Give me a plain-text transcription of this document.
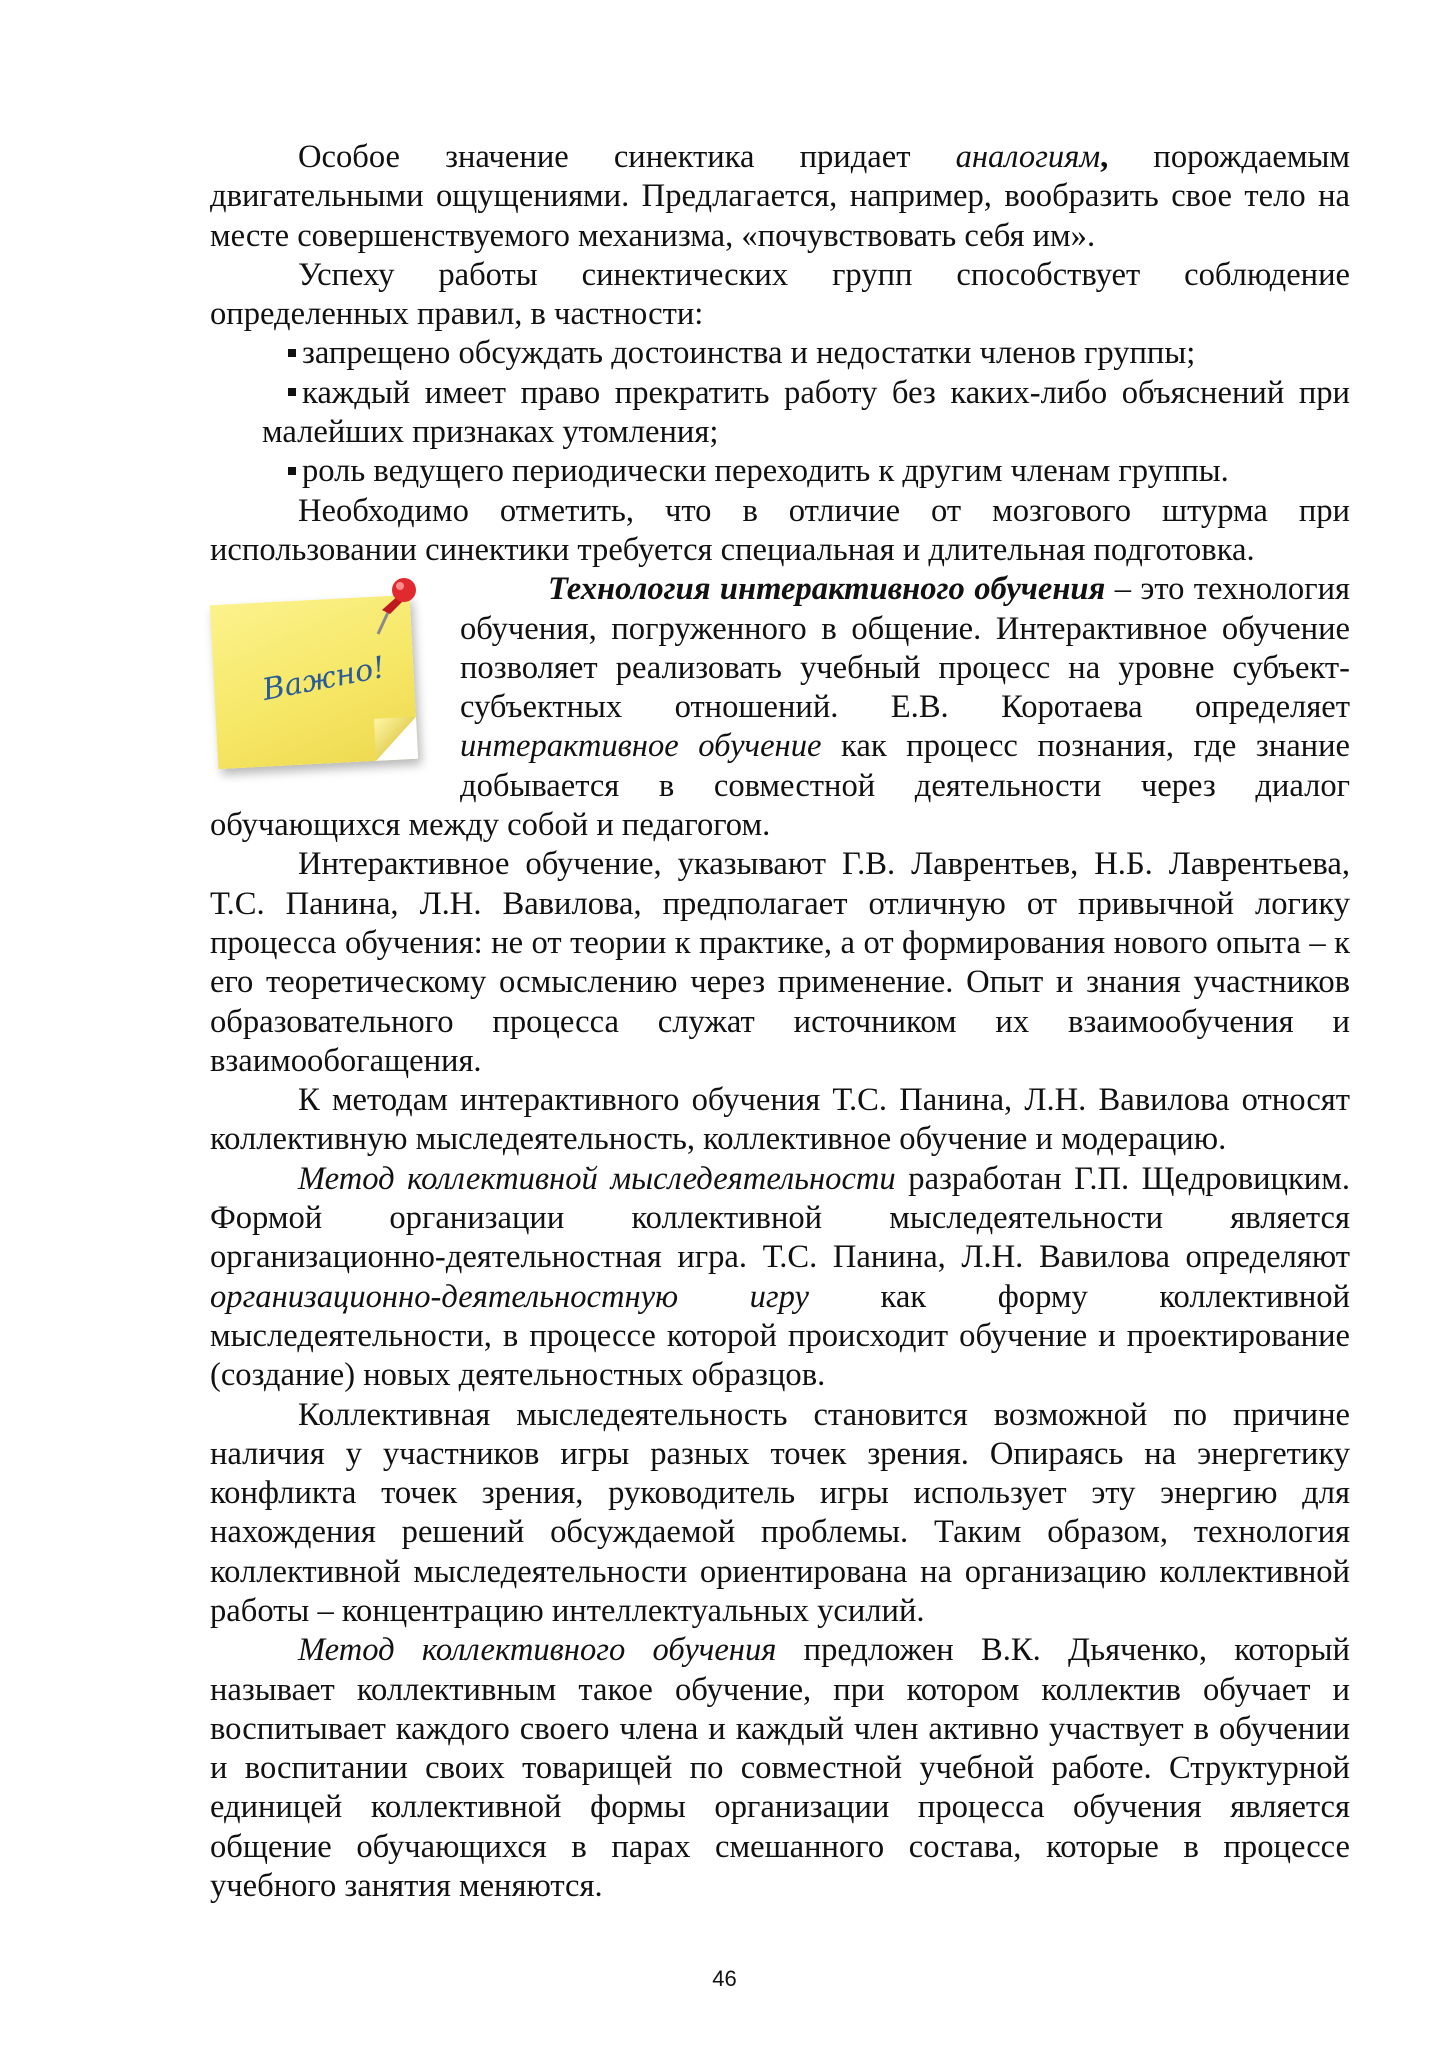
Особое значение синектика придает аналогиям, порождаемым двигательными ощущениями. Предлагается, например, вообразить свое тело на месте совершенствуемого механизма, «почувствовать себя им».

Успеху работы синектических групп способствует соблюдение определенных правил, в частности:

запрещено обсуждать достоинства и недостатки членов группы;
каждый имеет право прекратить работу без каких-либо объяснений при малейших признаках утомления;
роль ведущего периодически переходить к другим членам группы.

Необходимо отметить, что в отличие от мозгового штурма при использовании синектики требуется специальная и длительная подготовка.

Важно!

Технология интерактивного обучения – это технология обучения, погруженного в общение. Интерактивное обучение позволяет реализовать учебный процесс на уровне субъект-субъектных отношений. Е.В. Коротаева определяет интерактивное обучение как процесс познания, где знание добывается в совместной деятельности через диалог обучающихся между собой и педагогом.

Интерактивное обучение, указывают Г.В. Лаврентьев, Н.Б. Лаврентьева, Т.С. Панина, Л.Н. Вавилова, предполагает отличную от привычной логику процесса обучения: не от теории к практике, а от формирования нового опыта – к его теоретическому осмыслению через применение. Опыт и знания участников образовательного процесса служат источником их взаимообучения и взаимообогащения.

К методам интерактивного обучения Т.С. Панина, Л.Н. Вавилова относят коллективную мыследеятельность, коллективное обучение и модерацию.

Метод коллективной мыследеятельности разработан Г.П. Щедровицким. Формой организации коллективной мыследеятельности является организационно-деятельностная игра. Т.С. Панина, Л.Н. Вавилова определяют организационно-деятельностную игру как форму коллективной мыследеятельности, в процессе которой происходит обучение и проектирование (создание) новых деятельностных образцов.

Коллективная мыследеятельность становится возможной по причине наличия у участников игры разных точек зрения. Опираясь на энергетику конфликта точек зрения, руководитель игры использует эту энергию для нахождения решений обсуждаемой проблемы. Таким образом, технология коллективной мыследеятельности ориентирована на организацию коллективной работы – концентрацию интеллектуальных усилий.

Метод коллективного обучения предложен В.К. Дьяченко, который называет коллективным такое обучение, при котором коллектив обучает и воспитывает каждого своего члена и каждый член активно участвует в обучении и воспитании своих товарищей по совместной учебной работе. Структурной единицей коллективной формы организации процесса обучения является общение обучающихся в парах смешанного состава, которые в процессе учебного занятия меняются.

46
